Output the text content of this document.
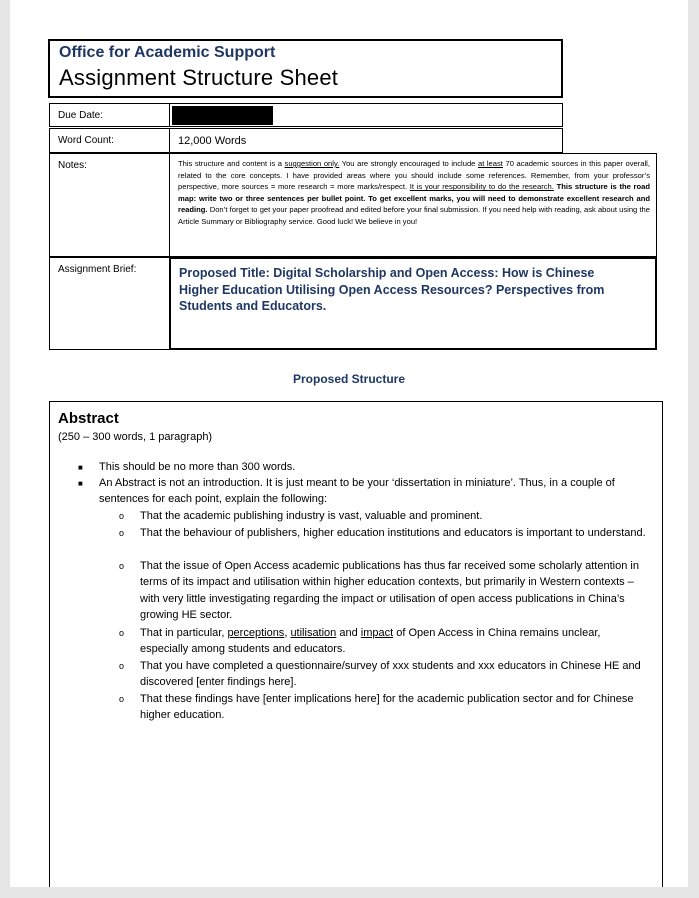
Office for Academic Support
Assignment Structure Sheet
Due Date:
Word Count:	12,000 Words
Notes:	This structure and content is a suggestion only. You are strongly encouraged to include at least 70 academic sources in this paper overall, related to the core concepts. I have provided areas where you should include some references. Remember, from your professor’s perspective, more sources = more research = more marks/respect. It is your responsibility to do the research. This structure is the road map: write two or three sentences per bullet point. To get excellent marks, you will need to demonstrate excellent research and reading. Don’t forget to get your paper proofread and edited before your final submission. If you need help with reading, ask about using the Article Summary or Bibliography service. Good luck! We believe in you!
Assignment Brief:	Proposed Title: Digital Scholarship and Open Access: How is Chinese Higher Education Utilising Open Access Resources? Perspectives from Students and Educators.
Proposed Structure
Abstract
(250 – 300 words, 1 paragraph)
■ This should be no more than 300 words.
■ An Abstract is not an introduction. It is just meant to be your ‘dissertation in miniature’. Thus, in a couple of sentences for each point, explain the following:
o That the academic publishing industry is vast, valuable and prominent.
o That the behaviour of publishers, higher education institutions and educators is important to understand.
o That the issue of Open Access academic publications has thus far received some scholarly attention in terms of its impact and utilisation within higher education contexts, but primarily in Western contexts – with very little investigating regarding the impact or utilisation of open access publications in China’s growing HE sector.
o That in particular, perceptions, utilisation and impact of Open Access in China remains unclear, especially among students and educators.
o That you have completed a questionnaire/survey of xxx students and xxx educators in Chinese HE and discovered [enter findings here].
o That these findings have [enter implications here] for the academic publication sector and for Chinese higher education.
